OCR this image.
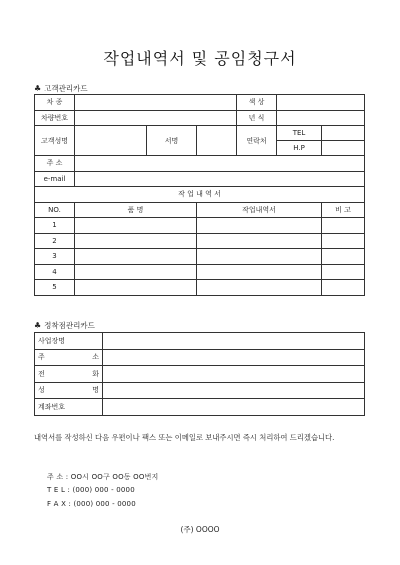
작업내역서 및 공임청구서
♣ 고객관리카드
차 종				색 상		
차량번호				년 식		
고객성명		서명		연락처	TEL	
					H.P	
주 소						
e-mail						
작 업 내 역 서						
NO.	품 명		작업내역서			비 고
1						
2						
3						
4						
5						
♣ 정착점관리카드
사업장명	
주 소	
전 화	
성 명	
계좌번호	
내역서를 작성하신 다음 우편이나 팩스 또는 이메일로 보내주시면 즉시 처리하여 드리겠습니다.
주 소 : OO시 OO구 OO동 OO번지
T E L : (000) 000 - 0000
F A X : (000) 000 - 0000
(주) OOOO
